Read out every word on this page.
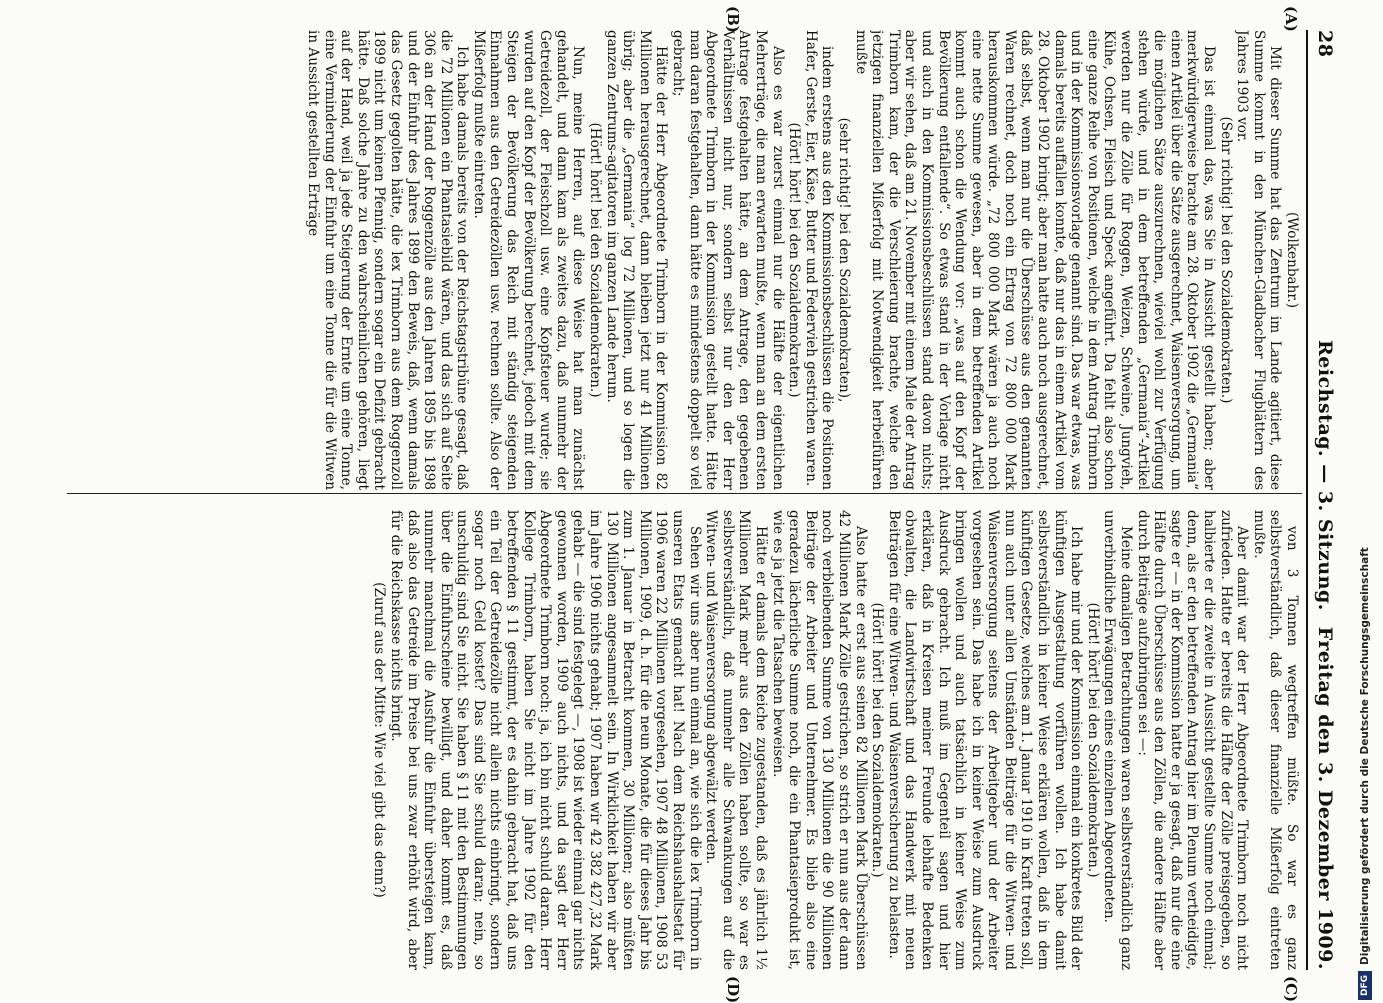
28
Reichstag. — 3. Sitzung.
Freitag den 3. Dezember 1909.
(A)
(B)
(C)
(D)

(Wolkenbahr.)

Mit dieser Summe hat das Zentrum im Lande agitiert, diese Summe kommt in den München-Gladbacher Flugblättern des Jahres 1903 vor.

(Sehr richtig! bei den Sozialdemokraten.)

Das ist einmal das, was Sie in Aussicht gestellt haben; aber merkwürdigerweise brachte am 28. Oktober 1902 die „Germania“ einen Artikel über die Sätze ausgerechnet, Waisenversorgung, um die möglichen Sätze auszurechnen, wieviel wohl zur Verfügung stehen würde, und in dem betreffenden „Germania“-Artikel werden nur die Zölle für Roggen, Weizen, Schweine, Jungvieh, Kühe, Ochsen, Fleisch und Speck angeführt. Da fehlt also schon eine ganze Reihe von Positionen, welche in dem Antrag Trimborn und in der Kommissionsvorlage genannt sind. Das war etwas, was damals bereits auffallen konnte, daß nur das in einem Artikel vom 28. Oktober 1902 bringt; aber man hatte auch noch ausgerechnet, daß selbst, wenn man nur die Überschüsse aus den genannten Waren rechnet, doch noch ein Ertrag von 72 800 000 Mark herauskommen würde. „72 800 000 Mark wären ja auch noch eine nette Summe gewesen, aber in dem betreffenden Artikel kommt auch schon die Wendung vor: „was auf den Kopf der Bevölkerung entfallende“. So etwas stand in der Vorlage nicht und auch in den Kommissionsbeschlüssen stand davon nichts; aber wir sehen, daß am 21. November mit einem Male der Antrag Trimborn kam, der die Verschleierung brachte, welche den jetzigen finanziellen Mißerfolg mit Notwendigkeit herbeiführen mußte

(sehr richtig! bei den Sozialdemokraten),

indem erstens aus den Kommissionsbeschlüssen die Positionen Hafer, Gerste, Eier, Käse, Butter und Federvieh gestrichen waren.

(Hört! hört! bei den Sozialdemokraten.)

Also es war zuerst einmal nur die Hälfte der eigentlichen Mehrerträge, die man erwarten mußte, wenn man an dem ersten Antrage festgehalten hätte, an dem Antrage, den gegebenen Verhältnissen nicht nur, sondern selbst nur den der Herr Abgeordnete Trimborn in der Kommission gestellt hatte. Hätte man daran festgehalten, dann hätte es mindestens doppelt so viel gebracht;

Hätte der Herr Abgeordnete Trimborn in der Kommission 82 Millionen herausgerechnet, dann bleiben jetzt nur 41 Millionen übrig; aber die „Germania“ log 72 Millionen, und so logen die ganzen Zentrums-agitatoren im ganzen Lande herum.

(Hört! hört! bei den Sozialdemokraten.)

Nun, meine Herren, auf diese Weise hat man zunächst gehandelt, und dann kam als zweites dazu, daß nunmehr der Getreidezoll, der Fleischzoll usw. eine Kopfsteuer wurde; sie wurden auf den Kopf der Bevölkerung berechnet, jedoch mit dem Steigen der Bevölkerung das Reich mit ständig steigenden Einnahmen aus den Getreidezöllen usw. rechnen sollte. Also der Mißerfolg mußte eintreten.

Ich habe damals bereits von der Reichstagstribüne gesagt, daß die 72 Millionen ein Phantasiebild wären, und das sich auf Seite 306 an der Hand der Roggenzölle aus den Jahren 1895 bis 1898 und der Einfuhr des Jahres 1899 den Beweis, daß, wenn damals das Gesetz gegolten hätte, die lex Trimborn aus dem Roggenzoll 1899 nicht um keinen Pfennig, sondern sogar ein Defizit gebracht hätte. Daß solche Jahre zu den wahrscheinlichen gehören, liegt auf der Hand, weil ja jede Steigerung der Ernte um eine Tonne, eine Verminderung der Einfuhr um eine Tonne die für die Witwen in Aussicht gestellten Erträge

von 3 Tonnen wegtreffen müßte. So war es ganz selbstverständlich, daß dieser finanzielle Mißerfolg eintreten mußte.

Aber damit war der Herr Abgeordnete Trimborn noch nicht zufrieden. Hatte er bereits die Hälfte der Zölle preisgegeben, so halbierte er die zweite in Aussicht gestellte Summe noch einmal; denn, als er den betreffenden Antrag hier im Plenum vertheidigte, sagte er — in der Kommission hatte er ja gesagt, daß nur die eine Hälfte durch Überschüsse aus den Zöllen, die andere Hälfte aber durch Beiträge aufzubringen sei —:

Meine damaligen Betrachtungen waren selbstverständlich ganz unverbindliche Erwägungen eines einzelnen Abgeordneten.

(Hört! hört! bei den Sozialdemokraten.)

Ich habe mir und der Kommission einmal ein konkretes Bild der künftigen Ausgestaltung vorführen wollen. Ich habe damit selbstverständlich in keiner Weise erklären wollen, daß in dem künftigen Gesetze, welches am 1. Januar 1910 in Kraft treten soll, nun auch unter allen Umständen Beiträge für die Witwen- und Waisenversorgung seitens der Arbeitgeber und der Arbeiter vorgesehen sein. Das habe ich in keiner Weise zum Ausdruck bringen wollen und auch tatsächlich in keiner Weise zum Ausdruck gebracht. Ich muß im Gegenteil sagen und hier erklären, daß in Kreisen meiner Freunde lebhafte Bedenken obwalten, die Landwirtschaft und das Handwerk mit neuen Beiträgen für eine Witwen- und Waisenversicherung zu belasten.

(Hört! hört! bei den Sozialdemokraten.)

Also hatte er erst aus seinen 82 Millionen Mark Überschüssen 42 Millionen Mark Zölle gestrichen, so strich er nun aus der dann noch verbleibenden Summe von 130 Millionen die 90 Millionen Beiträge der Arbeiter und Unternehmer. Es blieb also eine geradezu lächerliche Summe noch, die ein Phantasieprodukt ist, wie es ja jetzt die Tatsachen beweisen.

Hätte er damals dem Reiche zugestanden, daß es jährlich 1½ Millionen Mark mehr aus den Zöllen haben sollte, so war es selbstverständlich, daß nunmehr alle Schwankungen auf die Witwen- und Waisenversorgung abgewälzt werden.

Sehen wir uns aber nun einmal an, wie sich die lex Trimborn in unseren Etats gemacht hat! Nach dem Reichshaushaltsetat für 1906 waren 22 Millionen vorgesehen, 1907 48 Millionen, 1908 53 Millionen, 1909, d. h. für die neun Monate, die für dieses Jahr bis zum 1. Januar in Betracht kommen, 30 Millionen; also müßten 130 Millionen angesammelt sein. In Wirklichkeit haben wir aber im Jahre 1906 nichts gehabt; 1907 haben wir 42 382 427,32 Mark gehabt — die sind festgelegt —, 1908 ist wieder einmal gar nichts gewonnen worden, 1909 auch nichts, und da sagt der Herr Abgeordnete Trimborn noch: ja, ich bin nicht schuld daran. Herr Kollege Trimborn, haben Sie nicht im Jahre 1902 für den betreffenden § 11 gestimmt, der es dahin gebracht hat, daß uns ein Teil der Getreidezölle nicht allein nichts einbringt, sondern sogar noch Geld kostet? Das sind Sie schuld daran; nein, so unschuldig sind Sie nicht. Sie haben § 11 mit den Bestimmungen über die Einfuhrscheine bewilligt, und daher kommt es, daß nunmehr manchmal die Ausfuhr die Einfuhr übersteigen kann, daß also das Getreide im Preise bei uns zwar erhöht wird, aber für die Reichskasse nichts bringt.

(Zuruf aus der Mitte: Wie viel gibt das denn?)

DFGDigitalisierung gefördert durch die Deutsche Forschungsgemeinschaft
